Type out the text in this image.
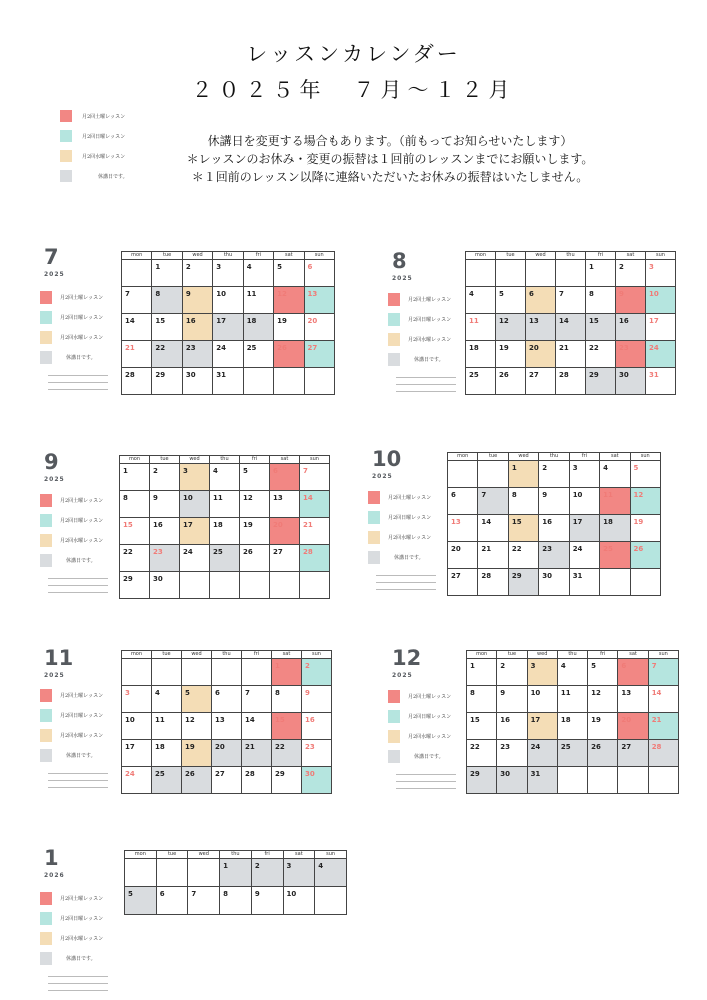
レッスンカレンダー
２０２５年　７月～１２月
月2回土曜レッスン
月2回日曜レッスン
月2回水曜レッスン
休講日です。
休講日を変更する場合もあります。（前もってお知らせいたします）
＊レッスンのお休み・変更の振替は１回前のレッスンまでにお願いします。
＊１回前のレッスン以降に連絡いただいたお休みの振替はいたしません。
7
2025
月2回土曜レッスン
月2回日曜レッスン
月2回水曜レッスン
休講日です。
mon	tue	wed	thu	fri	sat	sun
	1	2	3	4	5	6
7	8	9	10	11	12	13
14	15	16	17	18	19	20
21	22	23	24	25	26	27
28	29	30	31			
8
2025
月2回土曜レッスン
月2回日曜レッスン
月2回水曜レッスン
休講日です。
mon	tue	wed	thu	fri	sat	sun
				1	2	3
4	5	6	7	8	9	10
11	12	13	14	15	16	17
18	19	20	21	22	23	24
25	26	27	28	29	30	31
9
2025
月2回土曜レッスン
月2回日曜レッスン
月2回水曜レッスン
休講日です。
mon	tue	wed	thu	fri	sat	sun
1	2	3	4	5	6	7
8	9	10	11	12	13	14
15	16	17	18	19	20	21
22	23	24	25	26	27	28
29	30					
10
2025
月2回土曜レッスン
月2回日曜レッスン
月2回水曜レッスン
休講日です。
mon	tue	wed	thu	fri	sat	sun
		1	2	3	4	5
6	7	8	9	10	11	12
13	14	15	16	17	18	19
20	21	22	23	24	25	26
27	28	29	30	31		
11
2025
月2回土曜レッスン
月2回日曜レッスン
月2回水曜レッスン
休講日です。
mon	tue	wed	thu	fri	sat	sun
					1	2
3	4	5	6	7	8	9
10	11	12	13	14	15	16
17	18	19	20	21	22	23
24	25	26	27	28	29	30
12
2025
月2回土曜レッスン
月2回日曜レッスン
月2回水曜レッスン
休講日です。
mon	tue	wed	thu	fri	sat	sun
1	2	3	4	5	6	7
8	9	10	11	12	13	14
15	16	17	18	19	20	21
22	23	24	25	26	27	28
29	30	31				
1
2026
月2回土曜レッスン
月2回日曜レッスン
月2回水曜レッスン
休講日です。
mon	tue	wed	thu	fri	sat	sun
			1	2	3	4
5	6	7	8	9	10	
